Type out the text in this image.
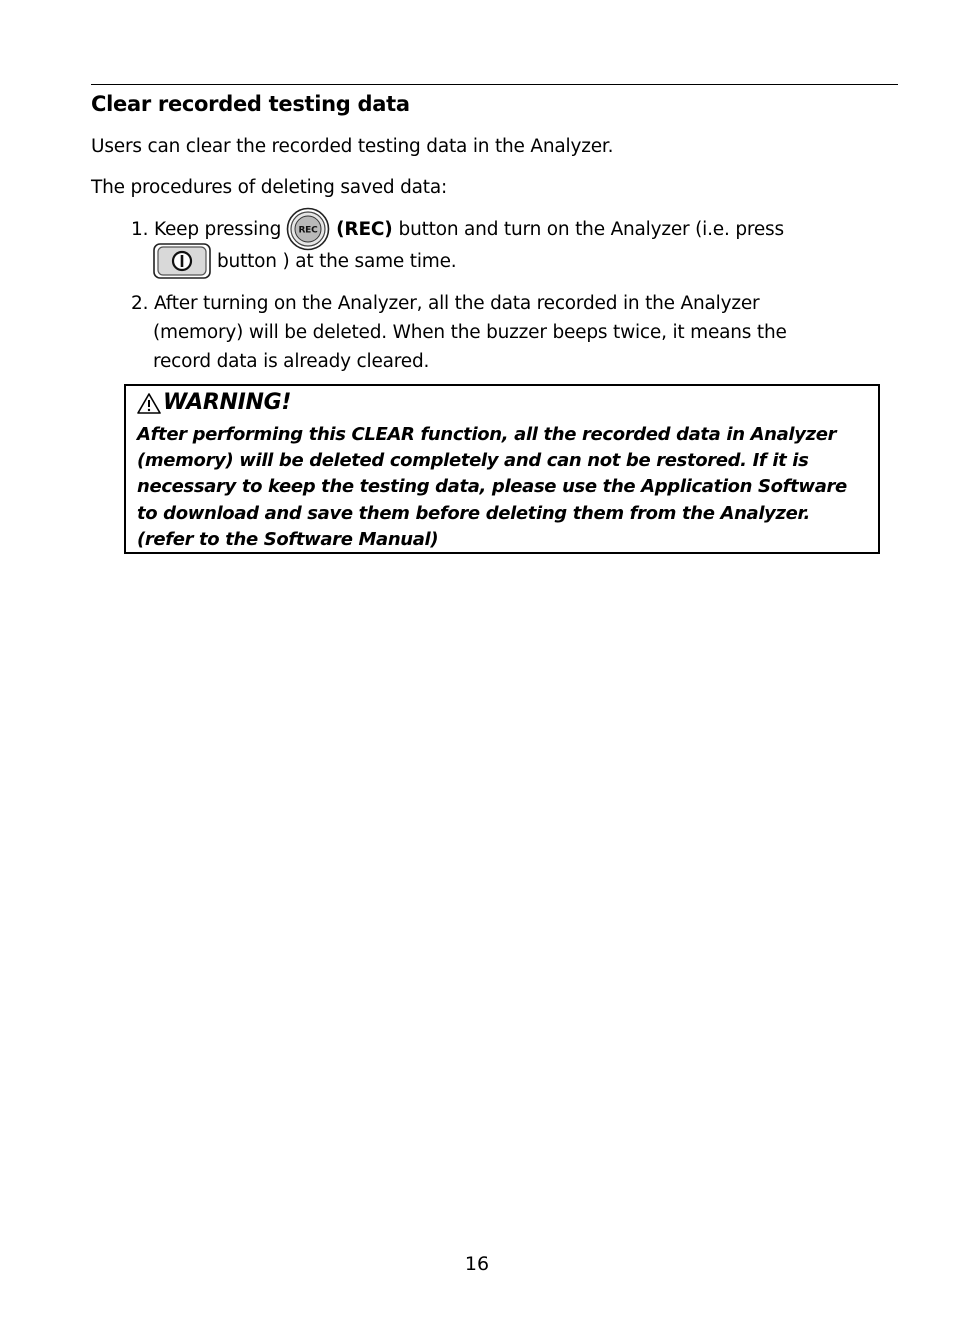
Clear recorded testing data

Users can clear the recorded testing data in the Analyzer.

The procedures of deleting saved data:

1.
Keep pressing REC (REC) button and turn on the Analyzer (i.e. press
button ) at the same time.
2. After turning on the Analyzer, all the data recorded in the Analyzer
(memory) will be deleted. When the buzzer beeps twice, it means the
record data is already cleared.
WARNING!
After performing this CLEAR function, all the recorded data in Analyzer
(memory) will be deleted completely and can not be restored. If it is
necessary to keep the testing data, please use the Application Software
to download and save them before deleting them from the Analyzer.
(refer to the Software Manual)
16
